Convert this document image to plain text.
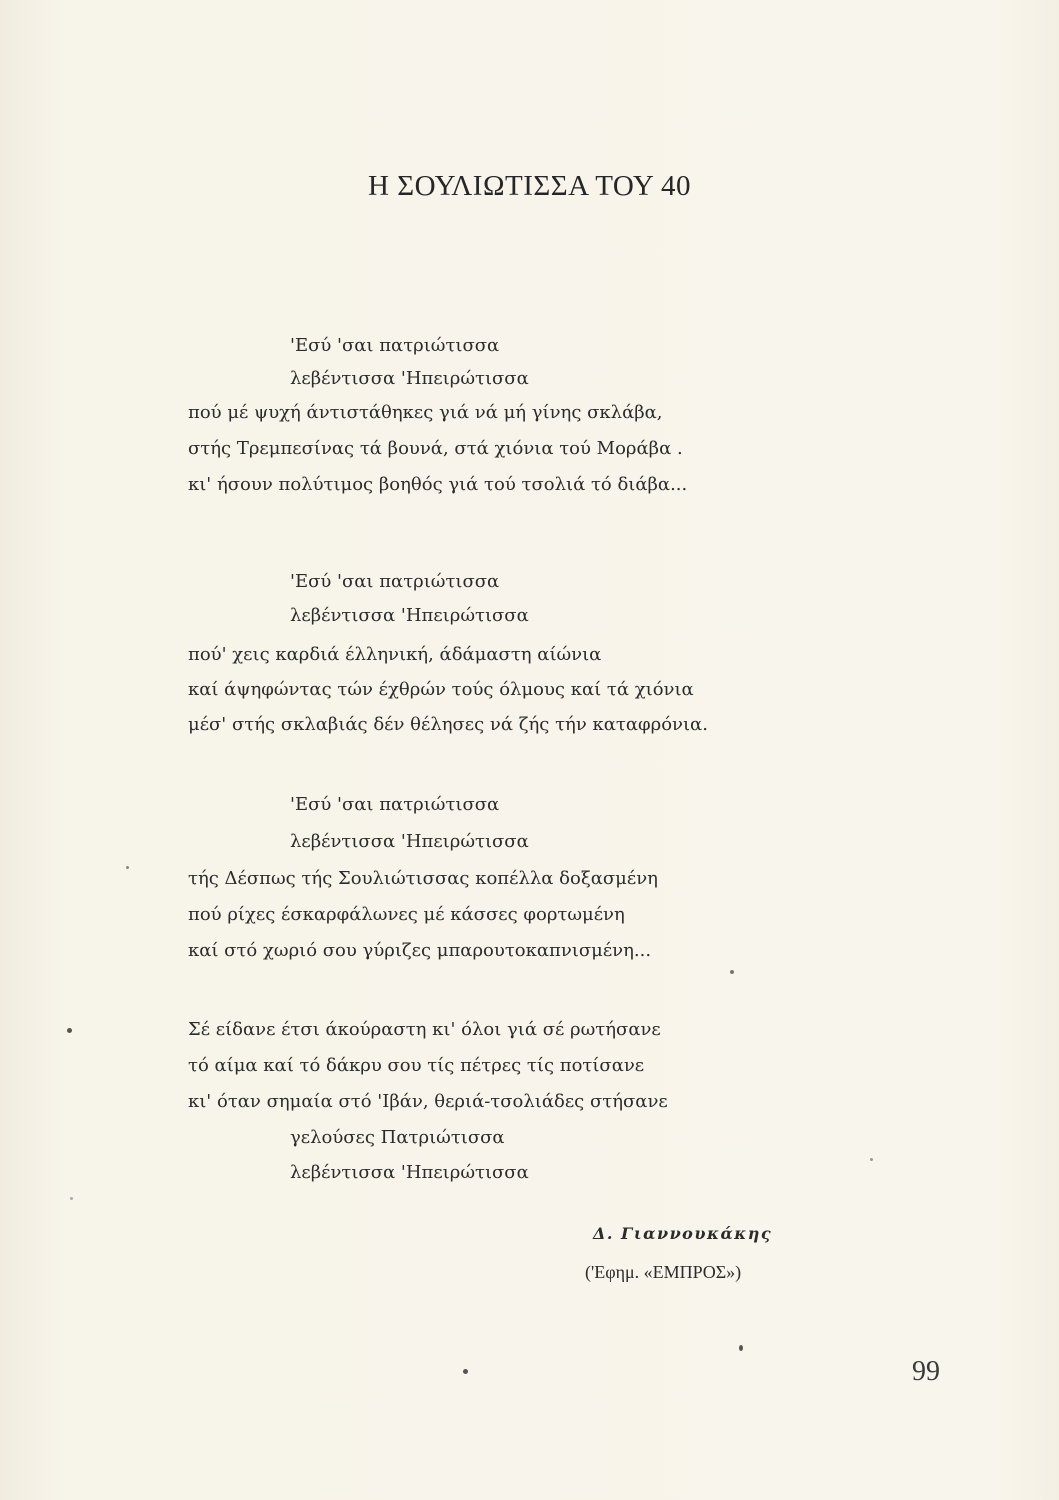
Η ΣΟΥΛΙΩΤΙΣΣΑ ΤΟΥ 40
'Εσύ 'σαι πατριώτισσα
λεβέντισσα 'Ηπειρώτισσα
πού μέ ψυχή άντιστάθηκες γιά νά μή γίνης σκλάβα,
στής Τρεμπεσίνας τά βουνά, στά χιόνια τού Μοράβα .
κι' ήσουν πολύτιμος βοηθός γιά τού τσολιά τό διάβα...
'Εσύ 'σαι πατριώτισσα
λεβέντισσα 'Ηπειρώτισσα
πού' χεις καρδιά έλληνική, άδάμαστη αίώνια
καί άψηφώντας τών έχθρών τούς όλμους καί τά χιόνια
μέσ' στής σκλαβιάς δέν θέλησες νά ζής τήν καταφρόνια.
'Εσύ 'σαι πατριώτισσα
λεβέντισσα 'Ηπειρώτισσα
τής Δέσπως τής Σουλιώτισσας κοπέλλα δοξασμένη
πού ρίχες έσκαρφάλωνες μέ κάσσες φορτωμένη
καί στό χωριό σου γύριζες μπαρουτοκαπνισμένη...
Σέ είδανε έτσι άκούραστη κι' όλοι γιά σέ ρωτήσανε
τό αίμα καί τό δάκρυ σου τίς πέτρες τίς ποτίσανε
κι' όταν σημαία στό 'Ιβάν, θεριά-τσολιάδες στήσανε
γελούσες Πατριώτισσα
λεβέντισσα 'Ηπειρώτισσα
Δ. Γιαννουκάκης
('Εφημ. «ΕΜΠΡΟΣ»)
99
